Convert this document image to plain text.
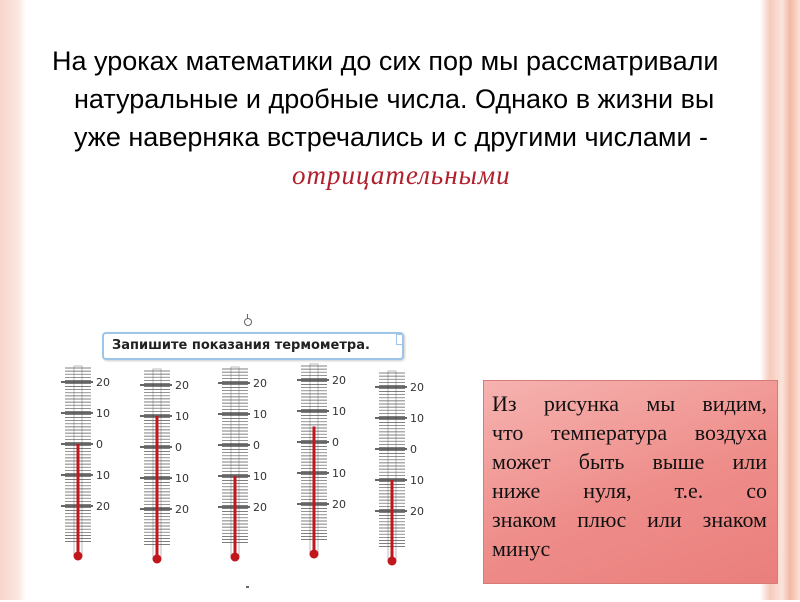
На уроках математики до сих пор мы рассматривали
натуральные и дробные числа. Однако в жизни вы
уже наверняка встречались и с другими числами -
отрицательными
Запишите показания термометра.
20
10
0
10
20
20
10
0
10
20
20
10
0
10
20
20
10
0
10
20
20
10
0
10
20
Из рисунка мы видим,
что температура воздуха
может быть выше или
ниже нуля, т.е. со
знаком плюс или знаком
минус
